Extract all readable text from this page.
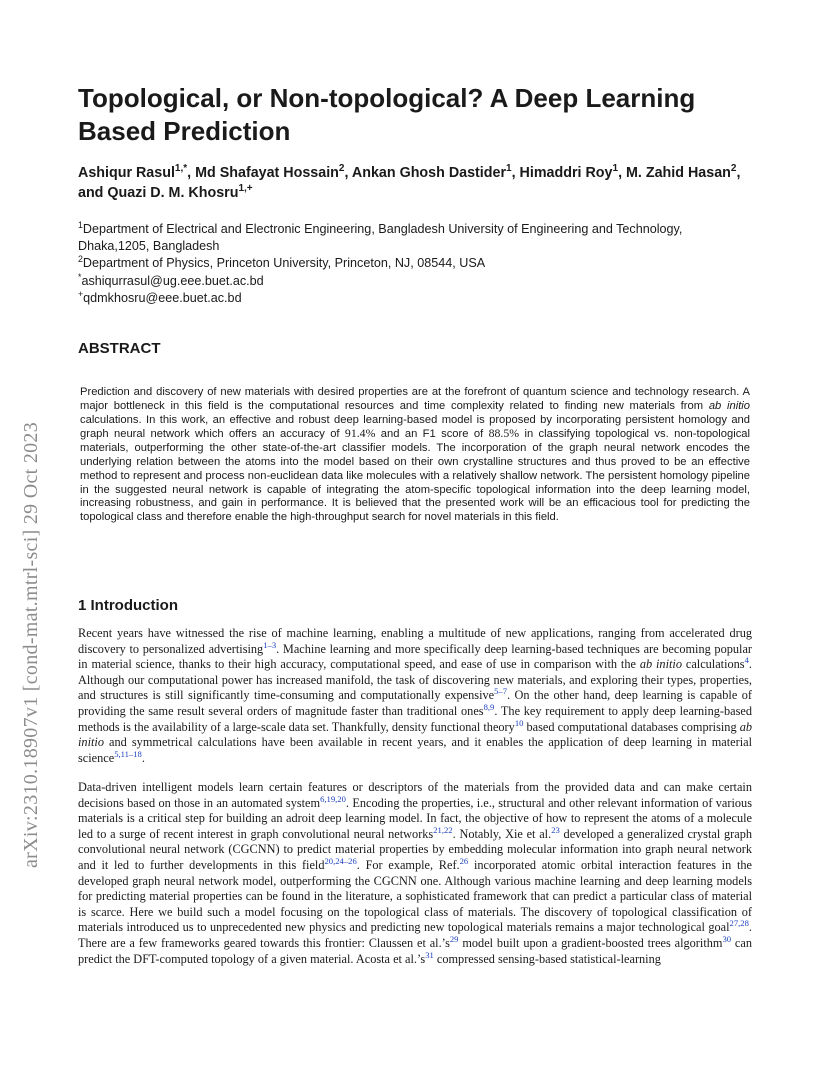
arXiv:2310.18907v1 [cond-mat.mtrl-sci] 29 Oct 2023
Topological, or Non-topological? A Deep Learning Based Prediction
Ashiqur Rasul$^{1,*}$, Md Shafayat Hossain$^2$, Ankan Ghosh Dastider$^1$, Himaddri Roy$^1$, M. Zahid Hasan$^2$, and Quazi D. M. Khosru$^{1,+}$
$^1$Department of Electrical and Electronic Engineering, Bangladesh University of Engineering and Technology,
Dhaka,1205, Bangladesh
$^2$Department of Physics, Princeton University, Princeton, NJ, 08544, USA
*ashiqurrasul@ug.eee.buet.ac.bd
+qdmkhosru@eee.buet.ac.bd
ABSTRACT

Prediction and discovery of new materials with desired properties are at the forefront of quantum science and technology research. A major bottleneck in this field is the computational resources and time complexity related to finding new materials from ab initio calculations. In this work, an effective and robust deep learning-based model is proposed by incorporating persistent homology and graph neural network which offers an accuracy of 91.4% and an F1 score of 88.5% in classifying topological vs. non-topological materials, outperforming the other state-of-the-art classifier models. The incorporation of the graph neural network encodes the underlying relation between the atoms into the model based on their own crystalline structures and thus proved to be an effective method to represent and process non-euclidean data like molecules with a relatively shallow network. The persistent homology pipeline in the suggested neural network is capable of integrating the atom-specific topological information into the deep learning model, increasing robustness, and gain in performance. It is believed that the presented work will be an efficacious tool for predicting the topological class and therefore enable the high-throughput search for novel materials in this field.

1 Introduction

Recent years have witnessed the rise of machine learning, enabling a multitude of new applications, ranging from accelerated drug discovery to personalized advertising$^{1-3}$. Machine learning and more specifically deep learning-based techniques are becoming popular in material science, thanks to their high accuracy, computational speed, and ease of use in comparison with the ab initio calculations$^4$. Although our computational power has increased manifold, the task of discovering new materials, and exploring their types, properties, and structures is still significantly time-consuming and computationally expensive$^{5-7}$. On the other hand, deep learning is capable of providing the same result several orders of magnitude faster than traditional ones$^{8,9}$. The key requirement to apply deep learning-based methods is the availability of a large-scale data set. Thankfully, density functional theory$^{10}$ based computational databases comprising ab initio and symmetrical calculations have been available in recent years, and it enables the application of deep learning in material science$^{5,11-18}$.

Data-driven intelligent models learn certain features or descriptors of the materials from the provided data and can make certain decisions based on those in an automated system$^{6,19,20}$. Encoding the properties, i.e., structural and other relevant information of various materials is a critical step for building an adroit deep learning model. In fact, the objective of how to represent the atoms of a molecule led to a surge of recent interest in graph convolutional neural networks$^{21,22}$. Notably, Xie et al.$^{23}$ developed a generalized crystal graph convolutional neural network (CGCNN) to predict material properties by embedding molecular information into graph neural network and it led to further developments in this field$^{20,24-26}$. For example, Ref.$^{26}$ incorporated atomic orbital interaction features in the developed graph neural network model, outperforming the CGCNN one. Although various machine learning and deep learning models for predicting material properties can be found in the literature, a sophisticated framework that can predict a particular class of material is scarce. Here we build such a model focusing on the topological class of materials. The discovery of topological classification of materials introduced us to unprecedented new physics and predicting new topological materials remains a major technological goal$^{27,28}$. There are a few frameworks geared towards this frontier: Claussen et al.’s$^{29}$ model built upon a gradient-boosted trees algorithm$^{30}$ can predict the DFT-computed topology of a given material. Acosta et al.’s$^{31}$ compressed sensing-based statistical-learning
